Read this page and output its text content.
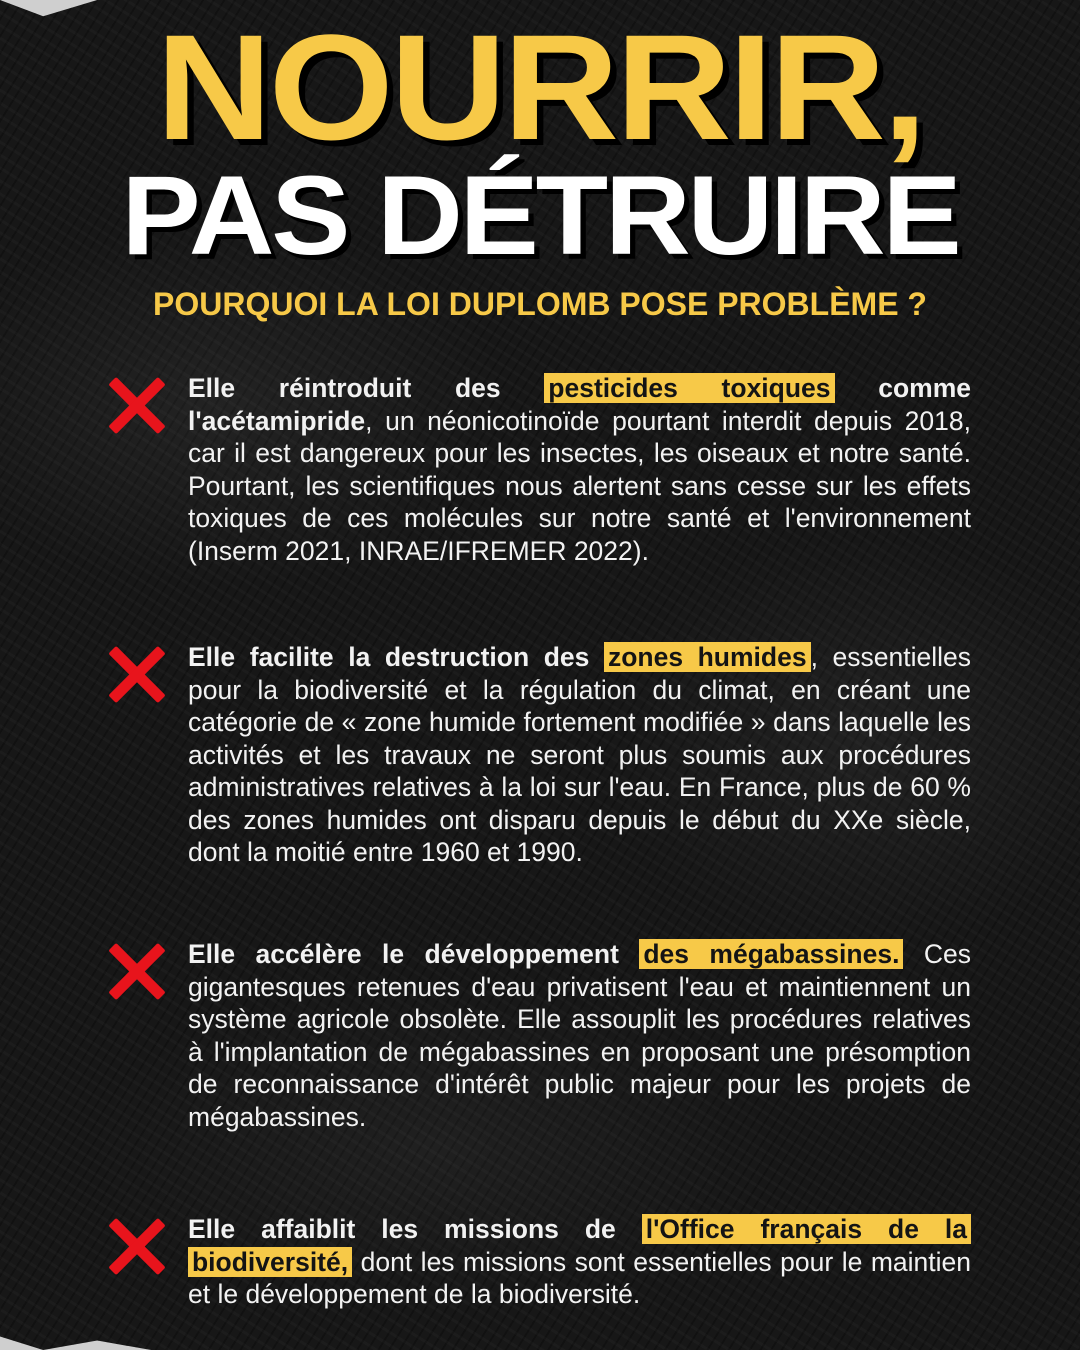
NOURRIR,
PAS DÉTRUIRE
POURQUOI LA LOI DUPLOMB POSE PROBLÈME ?
Elle réintroduit des pesticides toxiques comme l'acétamipride, un néonicotinoïde pourtant interdit depuis 2018, car il est dangereux pour les insectes, les oiseaux et notre santé. Pourtant, les scientifiques nous alertent sans cesse sur les effets toxiques de ces molécules sur notre santé et l'environnement (Inserm 2021, INRAE/IFREMER 2022).
Elle facilite la destruction des zones humides , essentielles pour la biodiversité et la régulation du climat, en créant une catégorie de « zone humide fortement modifiée » dans laquelle les activités et les travaux ne seront plus soumis aux procédures administratives relatives à la loi sur l'eau. En France, plus de 60 % des zones humides ont disparu depuis le début du XXe siècle, dont la moitié entre 1960 et 1990.
Elle accélère le développement des mégabassines. Ces gigantesques retenues d'eau privatisent l'eau et maintiennent un système agricole obsolète. Elle assouplit les procédures relatives à l'implantation de mégabassines en proposant une présomption de reconnaissance d'intérêt public majeur pour les projets de mégabassines.
Elle affaiblit les missions de l'Office français de la biodiversité, dont les missions sont essentielles pour le maintien et le développement de la biodiversité.
